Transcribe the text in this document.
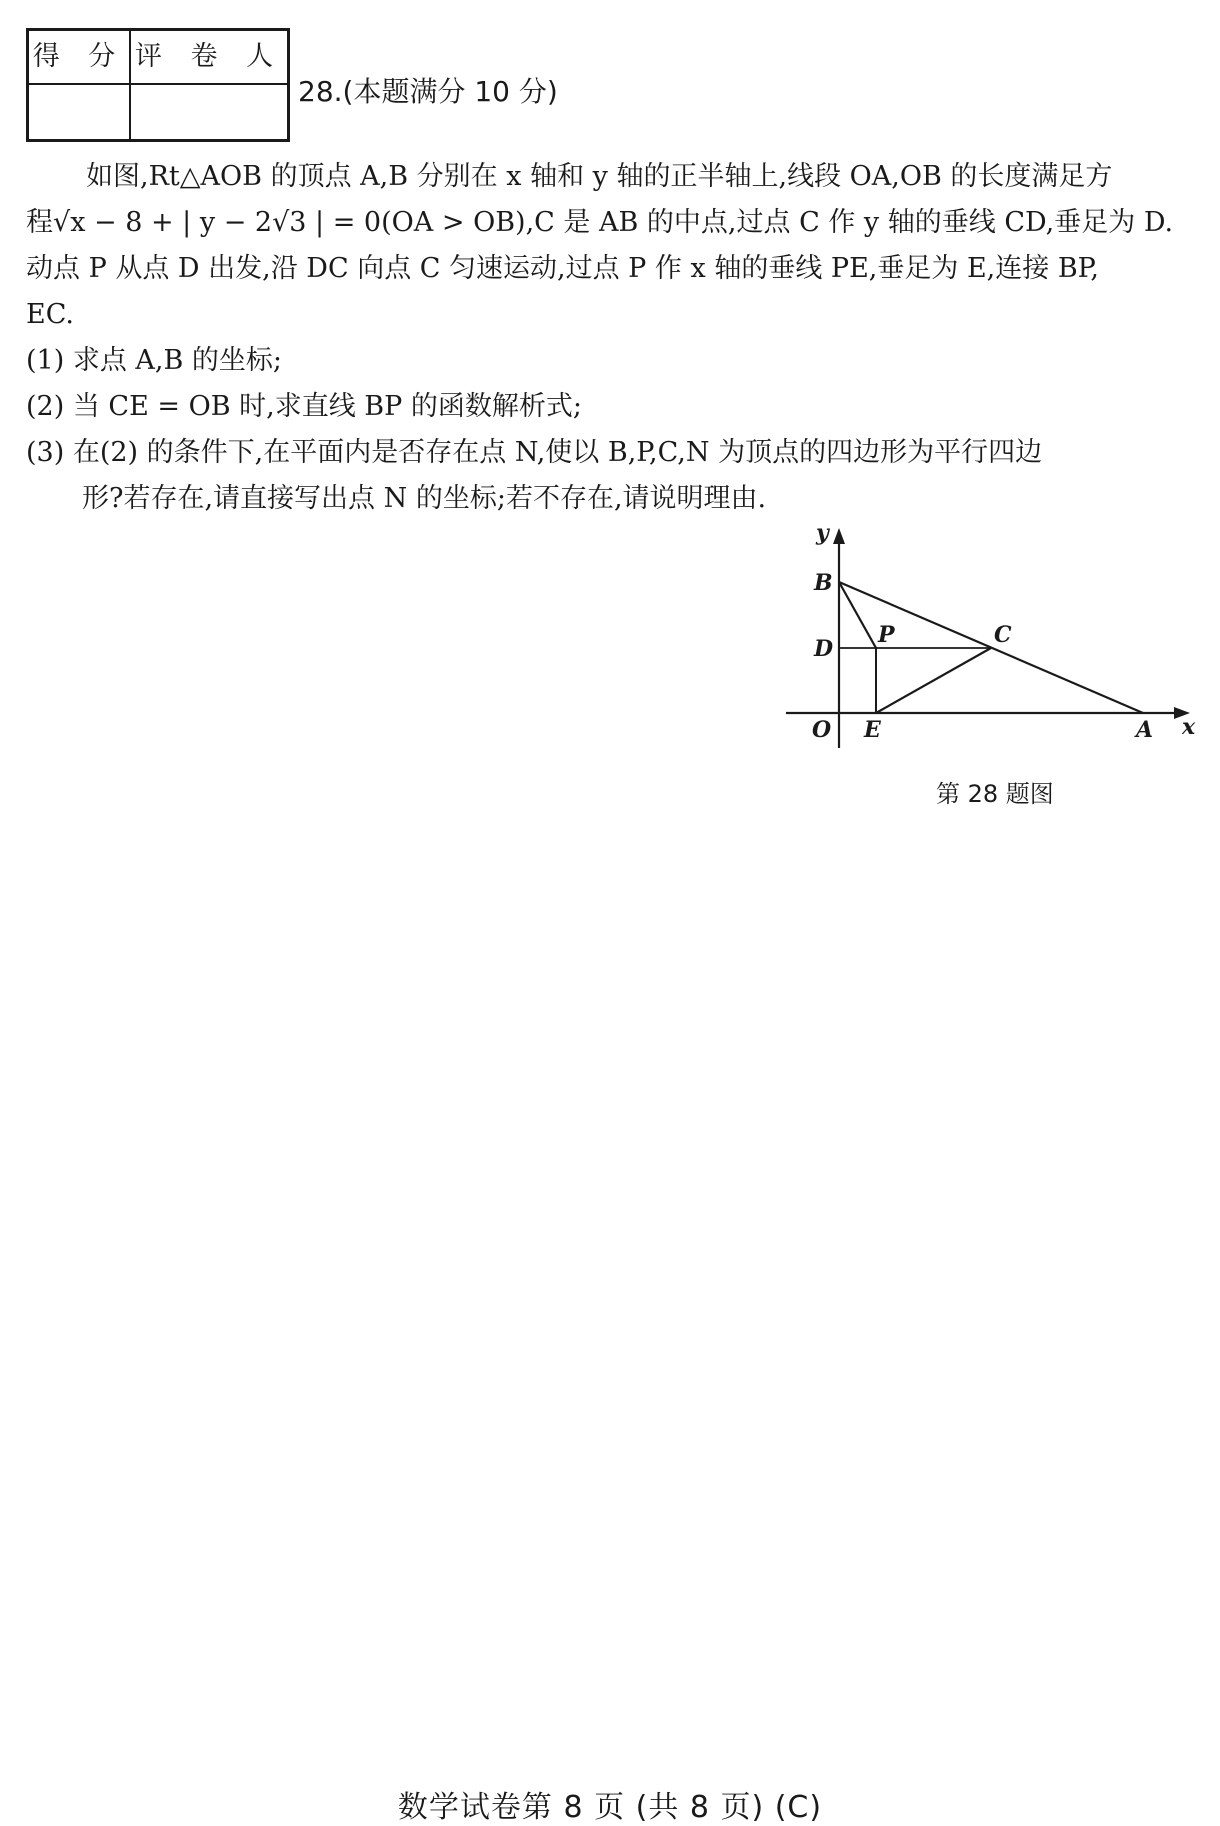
得 分 评 卷 人
28.(本题满分 10 分)
如图,Rt△AOB 的顶点 A,B 分别在 x 轴和 y 轴的正半轴上,线段 OA,OB 的长度满足方
程√x − 8 + | y − 2√3 | = 0(OA > OB),C 是 AB 的中点,过点 C 作 y 轴的垂线 CD,垂足为 D.
动点 P 从点 D 出发,沿 DC 向点 C 匀速运动,过点 P 作 x 轴的垂线 PE,垂足为 E,连接 BP,
EC.
(1) 求点 A,B 的坐标;
(2) 当 CE = OB 时,求直线 BP 的函数解析式;
(3) 在(2) 的条件下,在平面内是否存在点 N,使以 B,P,C,N 为顶点的四边形为平行四边
形?若存在,请直接写出点 N 的坐标;若不存在,请说明理由.
y
x
O	A
B
C
D
P
E
第 28 题图
数学试卷第 8 页 (共 8 页) (C)
